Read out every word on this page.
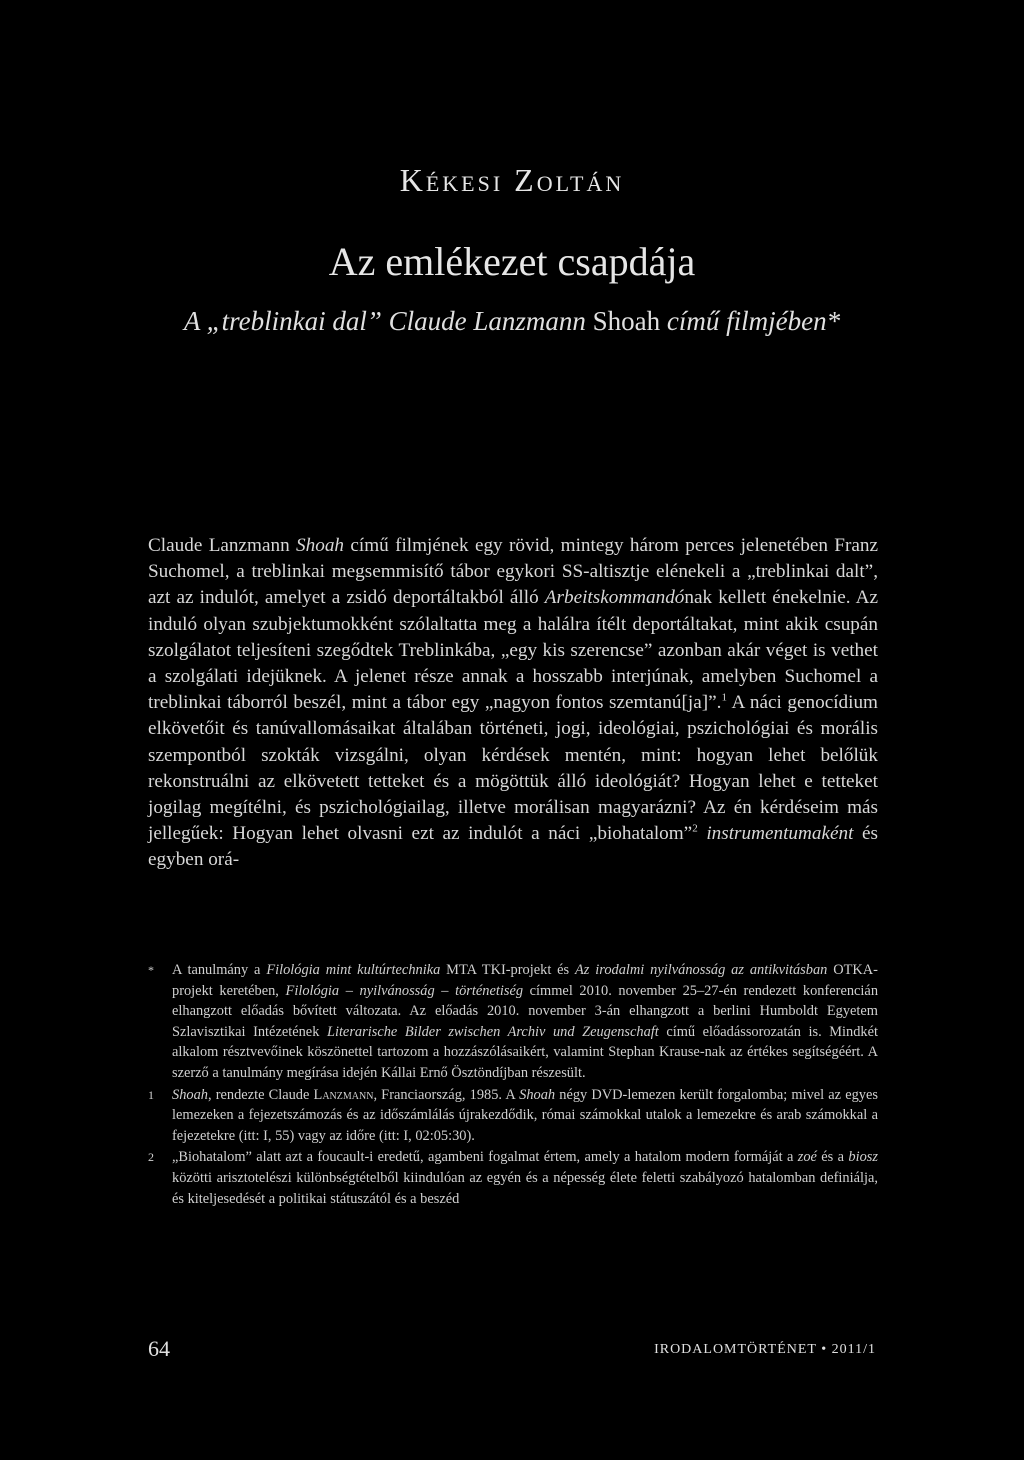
Kékesi Zoltán
Az emlékezet csapdája
A „treblinkai dal” Claude Lanzmann Shoah című filmjében*
Claude Lanzmann Shoah című filmjének egy rövid, mintegy három perces jelenetében Franz Suchomel, a treblinkai megsemmisítő tábor egykori SS-altisztje elénekeli a „treblinkai dalt”, azt az indulót, amelyet a zsidó deportáltakból álló Arbeitskommandónak kellett énekelnie. Az induló olyan szubjektumokként szólaltatta meg a halálra ítélt deportáltakat, mint akik csupán szolgálatot teljesíteni szegődtek Treblinkába, „egy kis szerencse” azonban akár véget is vethet a szolgálati idejüknek. A jelenet része annak a hosszabb interjúnak, amelyben Suchomel a treblinkai táborról beszél, mint a tábor egy „nagyon fontos szemtanú[ja]”.$^1$ A náci genocídium elkövetőit és tanúvallomásaikat általában történeti, jogi, ideológiai, pszichológiai és morális szempontból szokták vizsgálni, olyan kérdések mentén, mint: hogyan lehet belőlük rekonstruálni az elkövetett tetteket és a mögöttük álló ideológiát? Hogyan lehet e tetteket jogilag megítélni, és pszichológiailag, illetve morálisan magyarázni? Az én kérdéseim más jellegűek: Hogyan lehet olvasni ezt az indulót a náci „biohatalom”$^2$ instrumentumaként és egyben orá-
* A tanulmány a Filológia mint kultúrtechnika MTA TKI-projekt és Az irodalmi nyilvánosság az antikvitásban OTKA-projekt keretében, Filológia – nyilvánosság – történetiség címmel 2010. november 25–27-én rendezett konferencián elhangzott előadás bővített változata. Az előadás 2010. november 3-án elhangzott a berlini Humboldt Egyetem Szlavisztikai Intézetének Literarische Bilder zwischen Archiv und Zeugenschaft című előadássorozatán is. Mindkét alkalom résztvevőinek köszönettel tartozom a hozzászólásaikért, valamint Stephan Krause-nak az értékes segítségéért. A szerző a tanulmány megírása idején Kállai Ernő Ösztöndíjban részesült.
1 Shoah, rendezte Claude Lanzmann, Franciaország, 1985. A Shoah négy DVD-lemezen került forgalomba; mivel az egyes lemezeken a fejezetszámozás és az időszámlálás újrakezdődik, római számokkal utalok a lemezekre és arab számokkal a fejezetekre (itt: I, 55) vagy az időre (itt: I, 02:05:30).
2 „Biohatalom” alatt azt a foucault-i eredetű, agambeni fogalmat értem, amely a hatalom modern formáját a zoé és a biosz közötti arisztotelészi különbségtételből kiindulóan az egyén és a népesség élete feletti szabályozó hatalomban definiálja, és kiteljesedését a politikai státuszától és a beszéd
64	IRODALOMTÖRTÉNET • 2011/1
